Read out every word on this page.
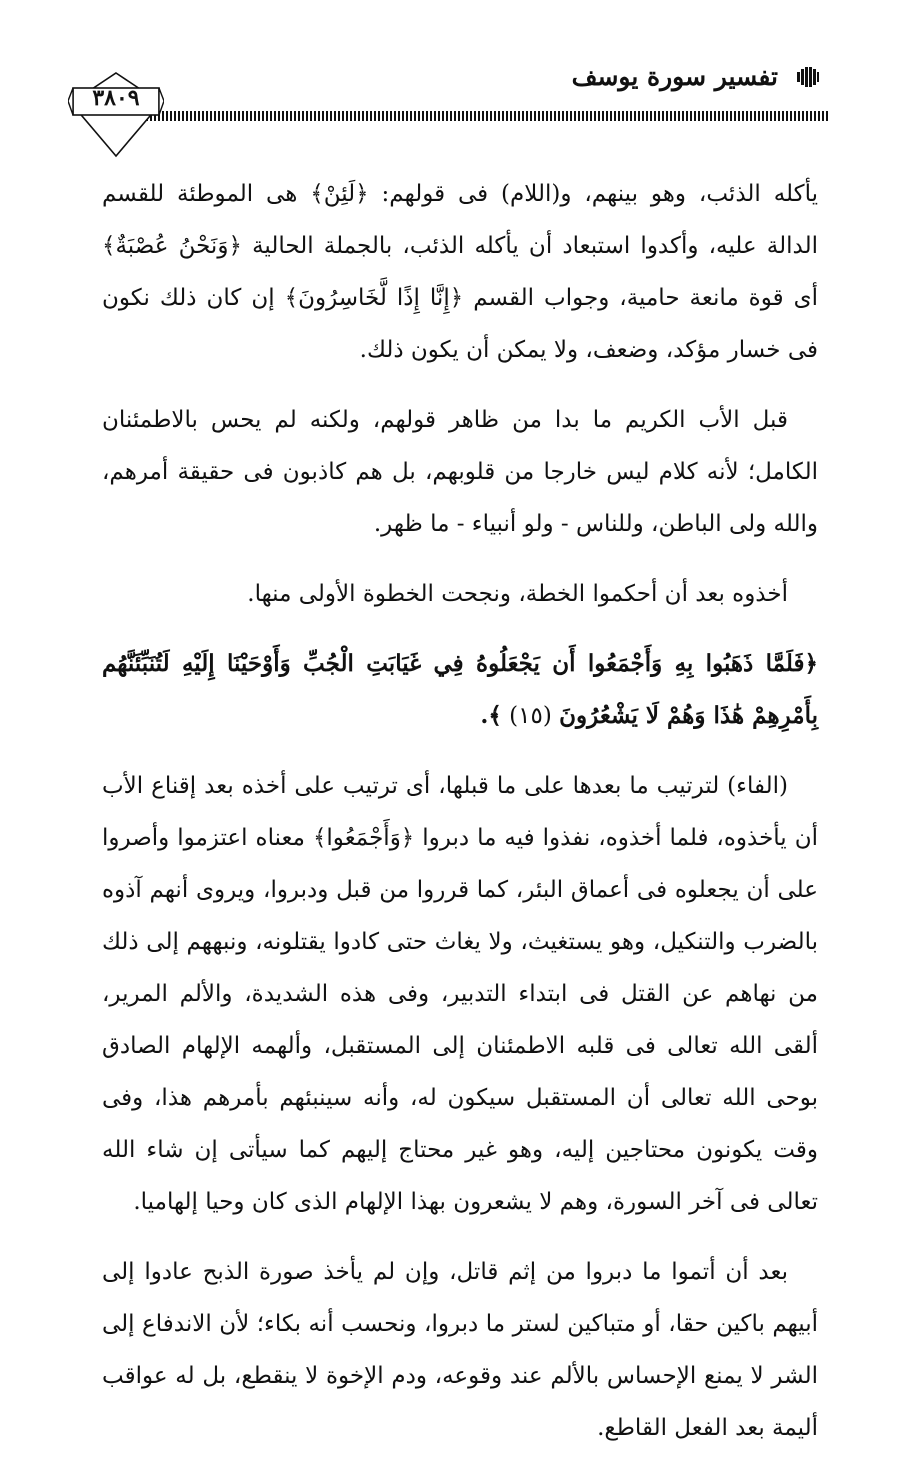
تفسير سورة يوسف
٣٨٠٩

يأكله الذئب، وهو بينهم، و(اللام) فى قولهم: ﴿لَئِنْ﴾ هى الموطئة للقسم الدالة عليه، وأكدوا استبعاد أن يأكله الذئب، بالجملة الحالية ﴿وَنَحْنُ عُصْبَةٌ﴾ أى قوة مانعة حامية، وجواب القسم ﴿إِنَّا إِذًا لَّخَاسِرُونَ﴾ إن كان ذلك نكون فى خسار مؤكد، وضعف، ولا يمكن أن يكون ذلك.

قبل الأب الكريم ما بدا من ظاهر قولهم، ولكنه لم يحس بالاطمئنان الكامل؛ لأنه كلام ليس خارجا من قلوبهم، بل هم كاذبون فى حقيقة أمرهم، والله ولى الباطن، وللناس - ولو أنبياء - ما ظهر.

أخذوه بعد أن أحكموا الخطة، ونجحت الخطوة الأولى منها.

﴿فَلَمَّا ذَهَبُوا بِهِ وَأَجْمَعُوا أَن يَجْعَلُوهُ فِي غَيَابَتِ الْجُبِّ وَأَوْحَيْنَا إِلَيْهِ لَتُنَبِّئَنَّهُم بِأَمْرِهِمْ هَٰذَا وَهُمْ لَا يَشْعُرُونَ (١٥) ﴾.

(الفاء) لترتيب ما بعدها على ما قبلها، أى ترتيب على أخذه بعد إقناع الأب أن يأخذوه، فلما أخذوه، نفذوا فيه ما دبروا ﴿وَأَجْمَعُوا﴾ معناه اعتزموا وأصروا على أن يجعلوه فى أعماق البئر، كما قرروا من قبل ودبروا، ويروى أنهم آذوه بالضرب والتنكيل، وهو يستغيث، ولا يغاث حتى كادوا يقتلونه، ونبههم إلى ذلك من نهاهم عن القتل فى ابتداء التدبير، وفى هذه الشديدة، والألم المرير، ألقى الله تعالى فى قلبه الاطمئنان إلى المستقبل، وألهمه الإلهام الصادق بوحى الله تعالى أن المستقبل سيكون له، وأنه سينبئهم بأمرهم هذا، وفى وقت يكونون محتاجين إليه، وهو غير محتاج إليهم كما سيأتى إن شاء الله تعالى فى آخر السورة، وهم لا يشعرون بهذا الإلهام الذى كان وحيا إلهاميا.

بعد أن أتموا ما دبروا من إثم قاتل، وإن لم يأخذ صورة الذبح عادوا إلى أبيهم باكين حقا، أو متباكين لستر ما دبروا، ونحسب أنه بكاء؛ لأن الاندفاع إلى الشر لا يمنع الإحساس بالألم عند وقوعه، ودم الإخوة لا ينقطع، بل له عواقب أليمة بعد الفعل القاطع.
